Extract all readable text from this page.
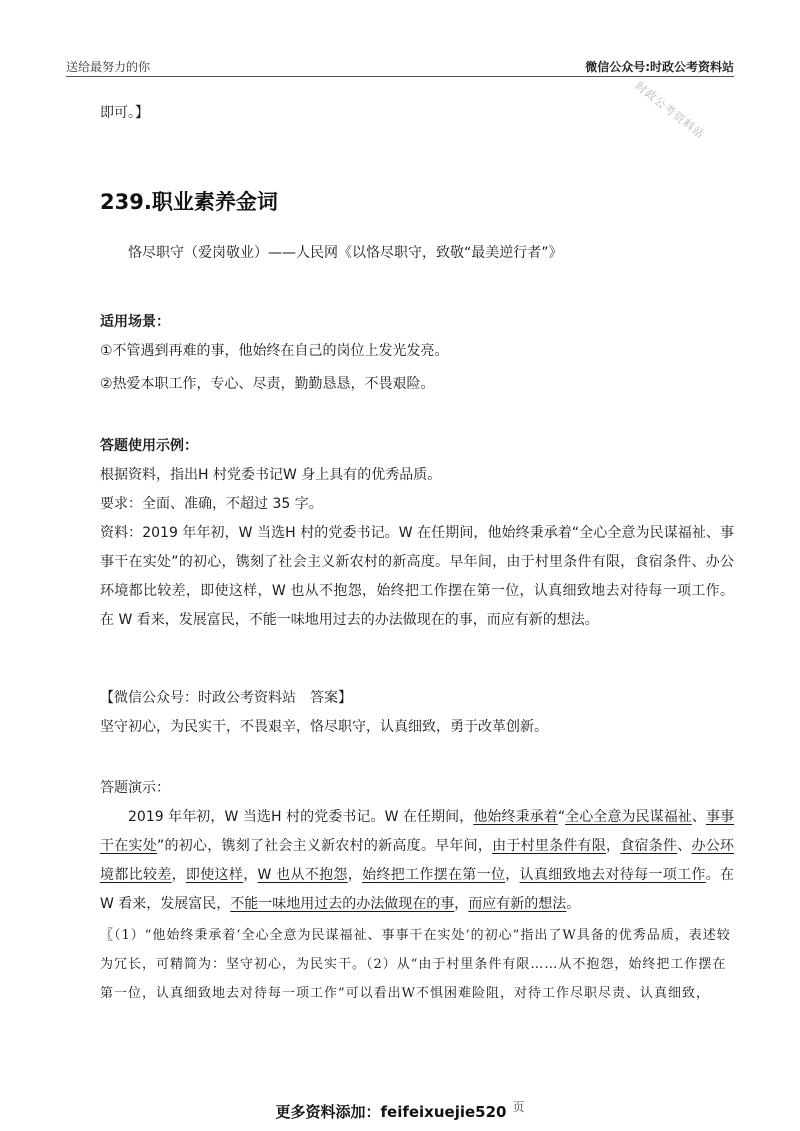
送给最努力的你	微信公众号:时政公考资料站
时政公考资料站

即可。】

239.职业素养金词

恪尽职守（爱岗敬业）——人民网《以恪尽职守，致敬“最美逆行者”》

适用场景：

①不管遇到再难的事，他始终在自己的岗位上发光发亮。

②热爱本职工作，专心、尽责，勤勤恳恳，不畏艰险。

答题使用示例：

根据资料，指出H 村党委书记W 身上具有的优秀品质。

要求：全面、准确，不超过 35 字。

资料：2019 年年初，W 当选H 村的党委书记。W 在任期间，他始终秉承着“全心全意为民谋福祉、事事干在实处”的初心，镌刻了社会主义新农村的新高度。早年间，由于村里条件有限，食宿条件、办公环境都比较差，即使这样，W 也从不抱怨，始终把工作摆在第一位，认真细致地去对待每一项工作。在 W 看来，发展富民，不能一味地用过去的办法做现在的事，而应有新的想法。

【微信公众号：时政公考资料站　答案】

坚守初心，为民实干，不畏艰辛，恪尽职守，认真细致，勇于改革创新。

答题演示：

2019 年年初，W 当选H 村的党委书记。W 在任期间，他始终秉承着“全心全意为民谋福祉、事事干在实处”的初心，镌刻了社会主义新农村的新高度。早年间，由于村里条件有限，食宿条件、办公环境都比较差，即使这样，W 也从不抱怨，始终把工作摆在第一位，认真细致地去对待每一项工作。在 W 看来，发展富民，不能一味地用过去的办法做现在的事，而应有新的想法。

〖（1）“他始终秉承着‘全心全意为民谋福祉、事事干在实处’的初心”指出了W具备的优秀品质，表述较为冗长，可精简为：坚守初心，为民实干。（2）从“由于村里条件有限……从不抱怨，始终把工作摆在第一位，认真细致地去对待每一项工作”可以看出W不惧困难险阻，对待工作尽职尽责、认真细致，

更多资料添加：feifeixuejie520 $^页$
